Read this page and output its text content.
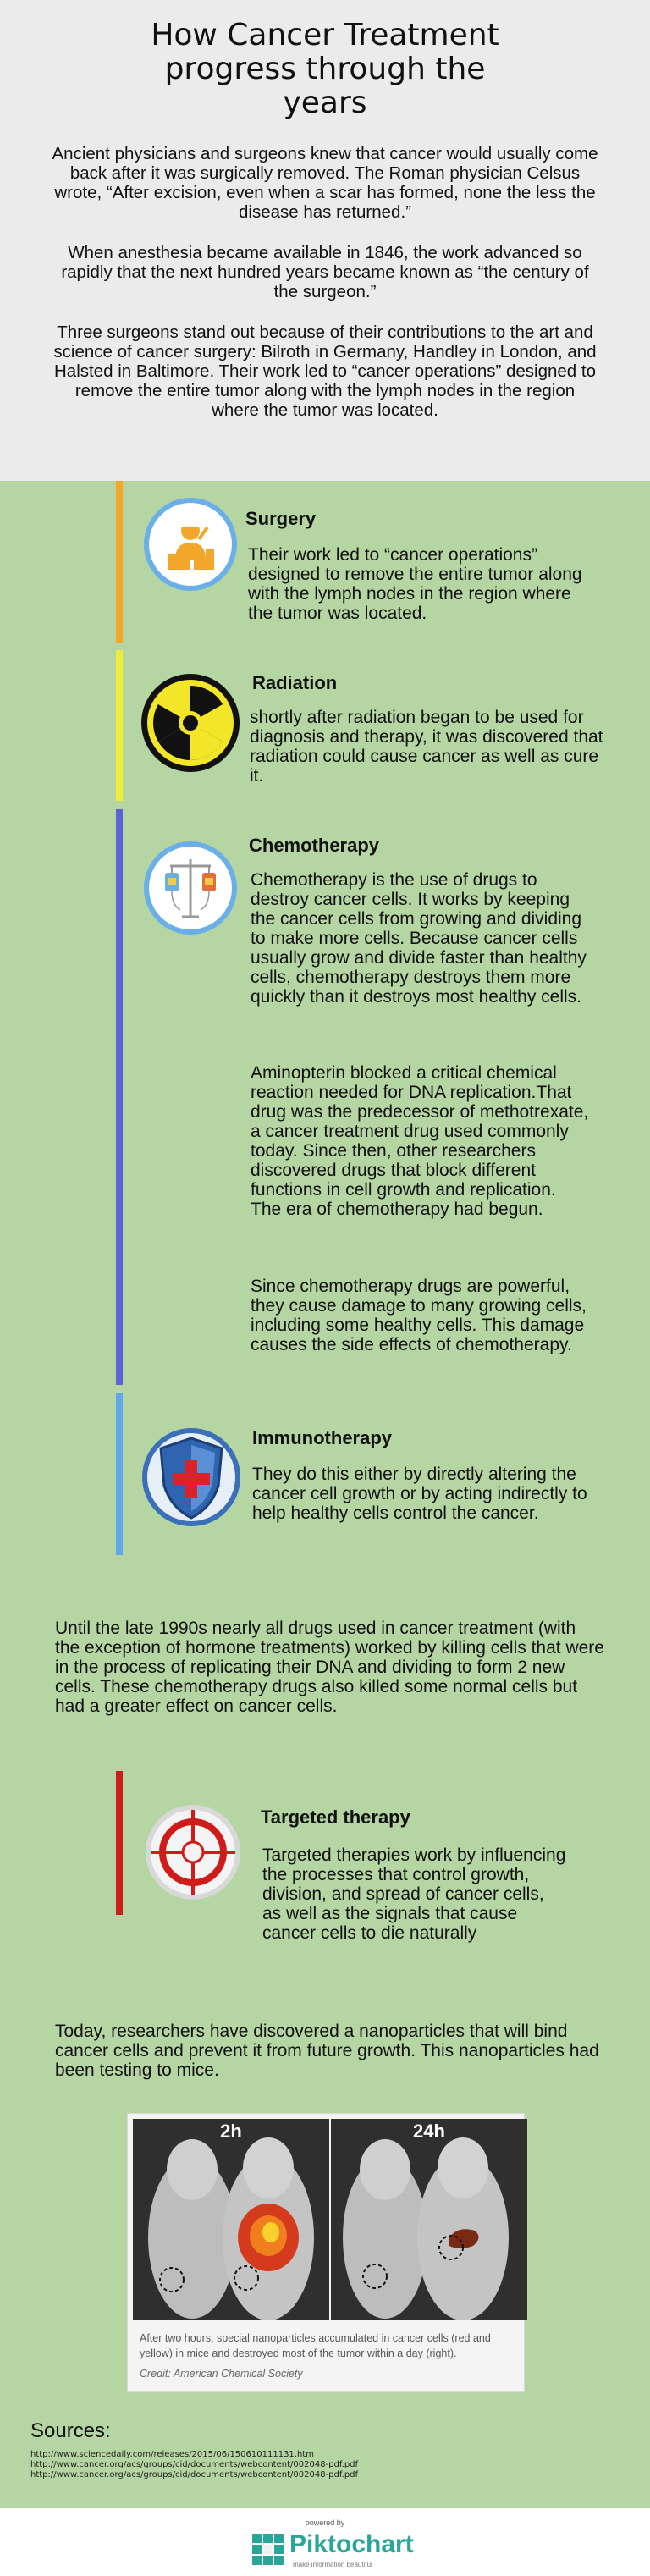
How Cancer Treatment
progress through the
years

Ancient physicians and surgeons knew that cancer would usually come back after it was surgically removed. The Roman physician Celsus wrote, “After excision, even when a scar has formed, none the less the disease has returned.”

When anesthesia became available in 1846, the work advanced so rapidly that the next hundred years became known as “the century of the surgeon.”

Three surgeons stand out because of their contributions to the art and science of cancer surgery: Bilroth in Germany, Handley in London, and Halsted in Baltimore. Their work led to “cancer operations” designed to remove the entire tumor along with the lymph nodes in the region where the tumor was located.

Surgery

Their work led to “cancer operations” designed to remove the entire tumor along with the lymph nodes in the region where the tumor was located.

Radiation

shortly after radiation began to be used for diagnosis and therapy, it was discovered that radiation could cause cancer as well as cure it.

Chemotherapy

Chemotherapy is the use of drugs to destroy cancer cells. It works by keeping the cancer cells from growing and dividing to make more cells. Because cancer cells usually grow and divide faster than healthy cells, chemotherapy destroys them more quickly than it destroys most healthy cells.

Aminopterin blocked a critical chemical reaction needed for DNA replication.That drug was the predecessor of methotrexate, a cancer treatment drug used commonly today. Since then, other researchers discovered drugs that block different functions in cell growth and replication. The era of chemotherapy had begun.

Since chemotherapy drugs are powerful, they cause damage to many growing cells, including some healthy cells. This damage causes the side effects of chemotherapy.

Immunotherapy

They do this either by directly altering the cancer cell growth or by acting indirectly to help healthy cells control the cancer.

Until the late 1990s nearly all drugs used in cancer treatment (with the exception of hormone treatments) worked by killing cells that were in the process of replicating their DNA and dividing to form 2 new cells. These chemotherapy drugs also killed some normal cells but had a greater effect on cancer cells.

Targeted therapy

Targeted therapies work by influencing the processes that control growth, division, and spread of cancer cells, as well as the signals that cause cancer cells to die naturally

Today, researchers have discovered a nanoparticles that will bind cancer cells and prevent it from future growth. This nanoparticles had been testing to mice.

2h	24h

After two hours, special nanoparticles accumulated in cancer cells (red and yellow) in mice and destroyed most of the tumor within a day (right).

Credit: American Chemical Society

Sources:
http://www.sciencedaily.com/releases/2015/06/150610111131.htm
http://www.cancer.org/acs/groups/cid/documents/webcontent/002048-pdf.pdf
http://www.cancer.org/acs/groups/cid/documents/webcontent/002048-pdf.pdf
powered by
Piktochart
make information beautiful
